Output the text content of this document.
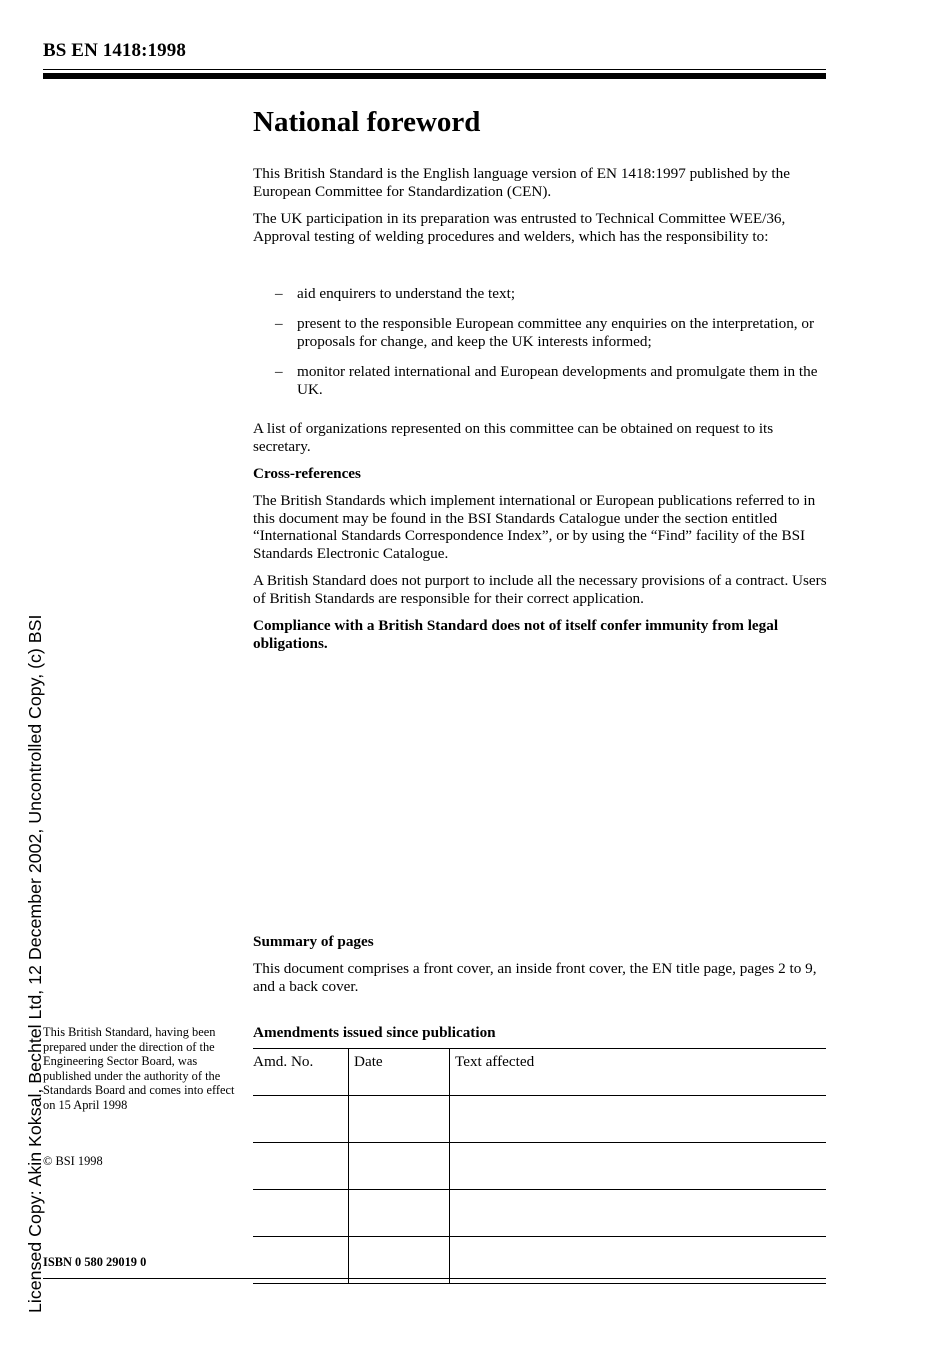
BS EN 1418:1998
National foreword

This British Standard is the English language version of EN 1418:1997 published by the European Committee for Standardization (CEN).

The UK participation in its preparation was entrusted to Technical Committee WEE/36, Approval testing of welding procedures and welders, which has the responsibility to:

– aid enquirers to understand the text;
– present to the responsible European committee any enquiries on the interpretation, or proposals for change, and keep the UK interests informed;
– monitor related international and European developments and promulgate them in the UK.

A list of organizations represented on this committee can be obtained on request to its secretary.

Cross-references

The British Standards which implement international or European publications referred to in this document may be found in the BSI Standards Catalogue under the section entitled “International Standards Correspondence Index”, or by using the “Find” facility of the BSI Standards Electronic Catalogue.

A British Standard does not purport to include all the necessary provisions of a contract. Users of British Standards are responsible for their correct application.

Compliance with a British Standard does not of itself confer immunity from legal obligations.

Summary of pages

This document comprises a front cover, an inside front cover, the EN title page, pages 2 to 9, and a back cover.

Amendments issued since publication
Amd. No.	Date	Text affected

This British Standard, having been prepared under the direction of the Engineering Sector Board, was published under the authority of the Standards Board and comes into effect on 15 April 1998
© BSI 1998
ISBN 0 580 29019 0
Licensed Copy: Akin Koksal, Bechtel Ltd, 12 December 2002, Uncontrolled Copy, (c) BSI
